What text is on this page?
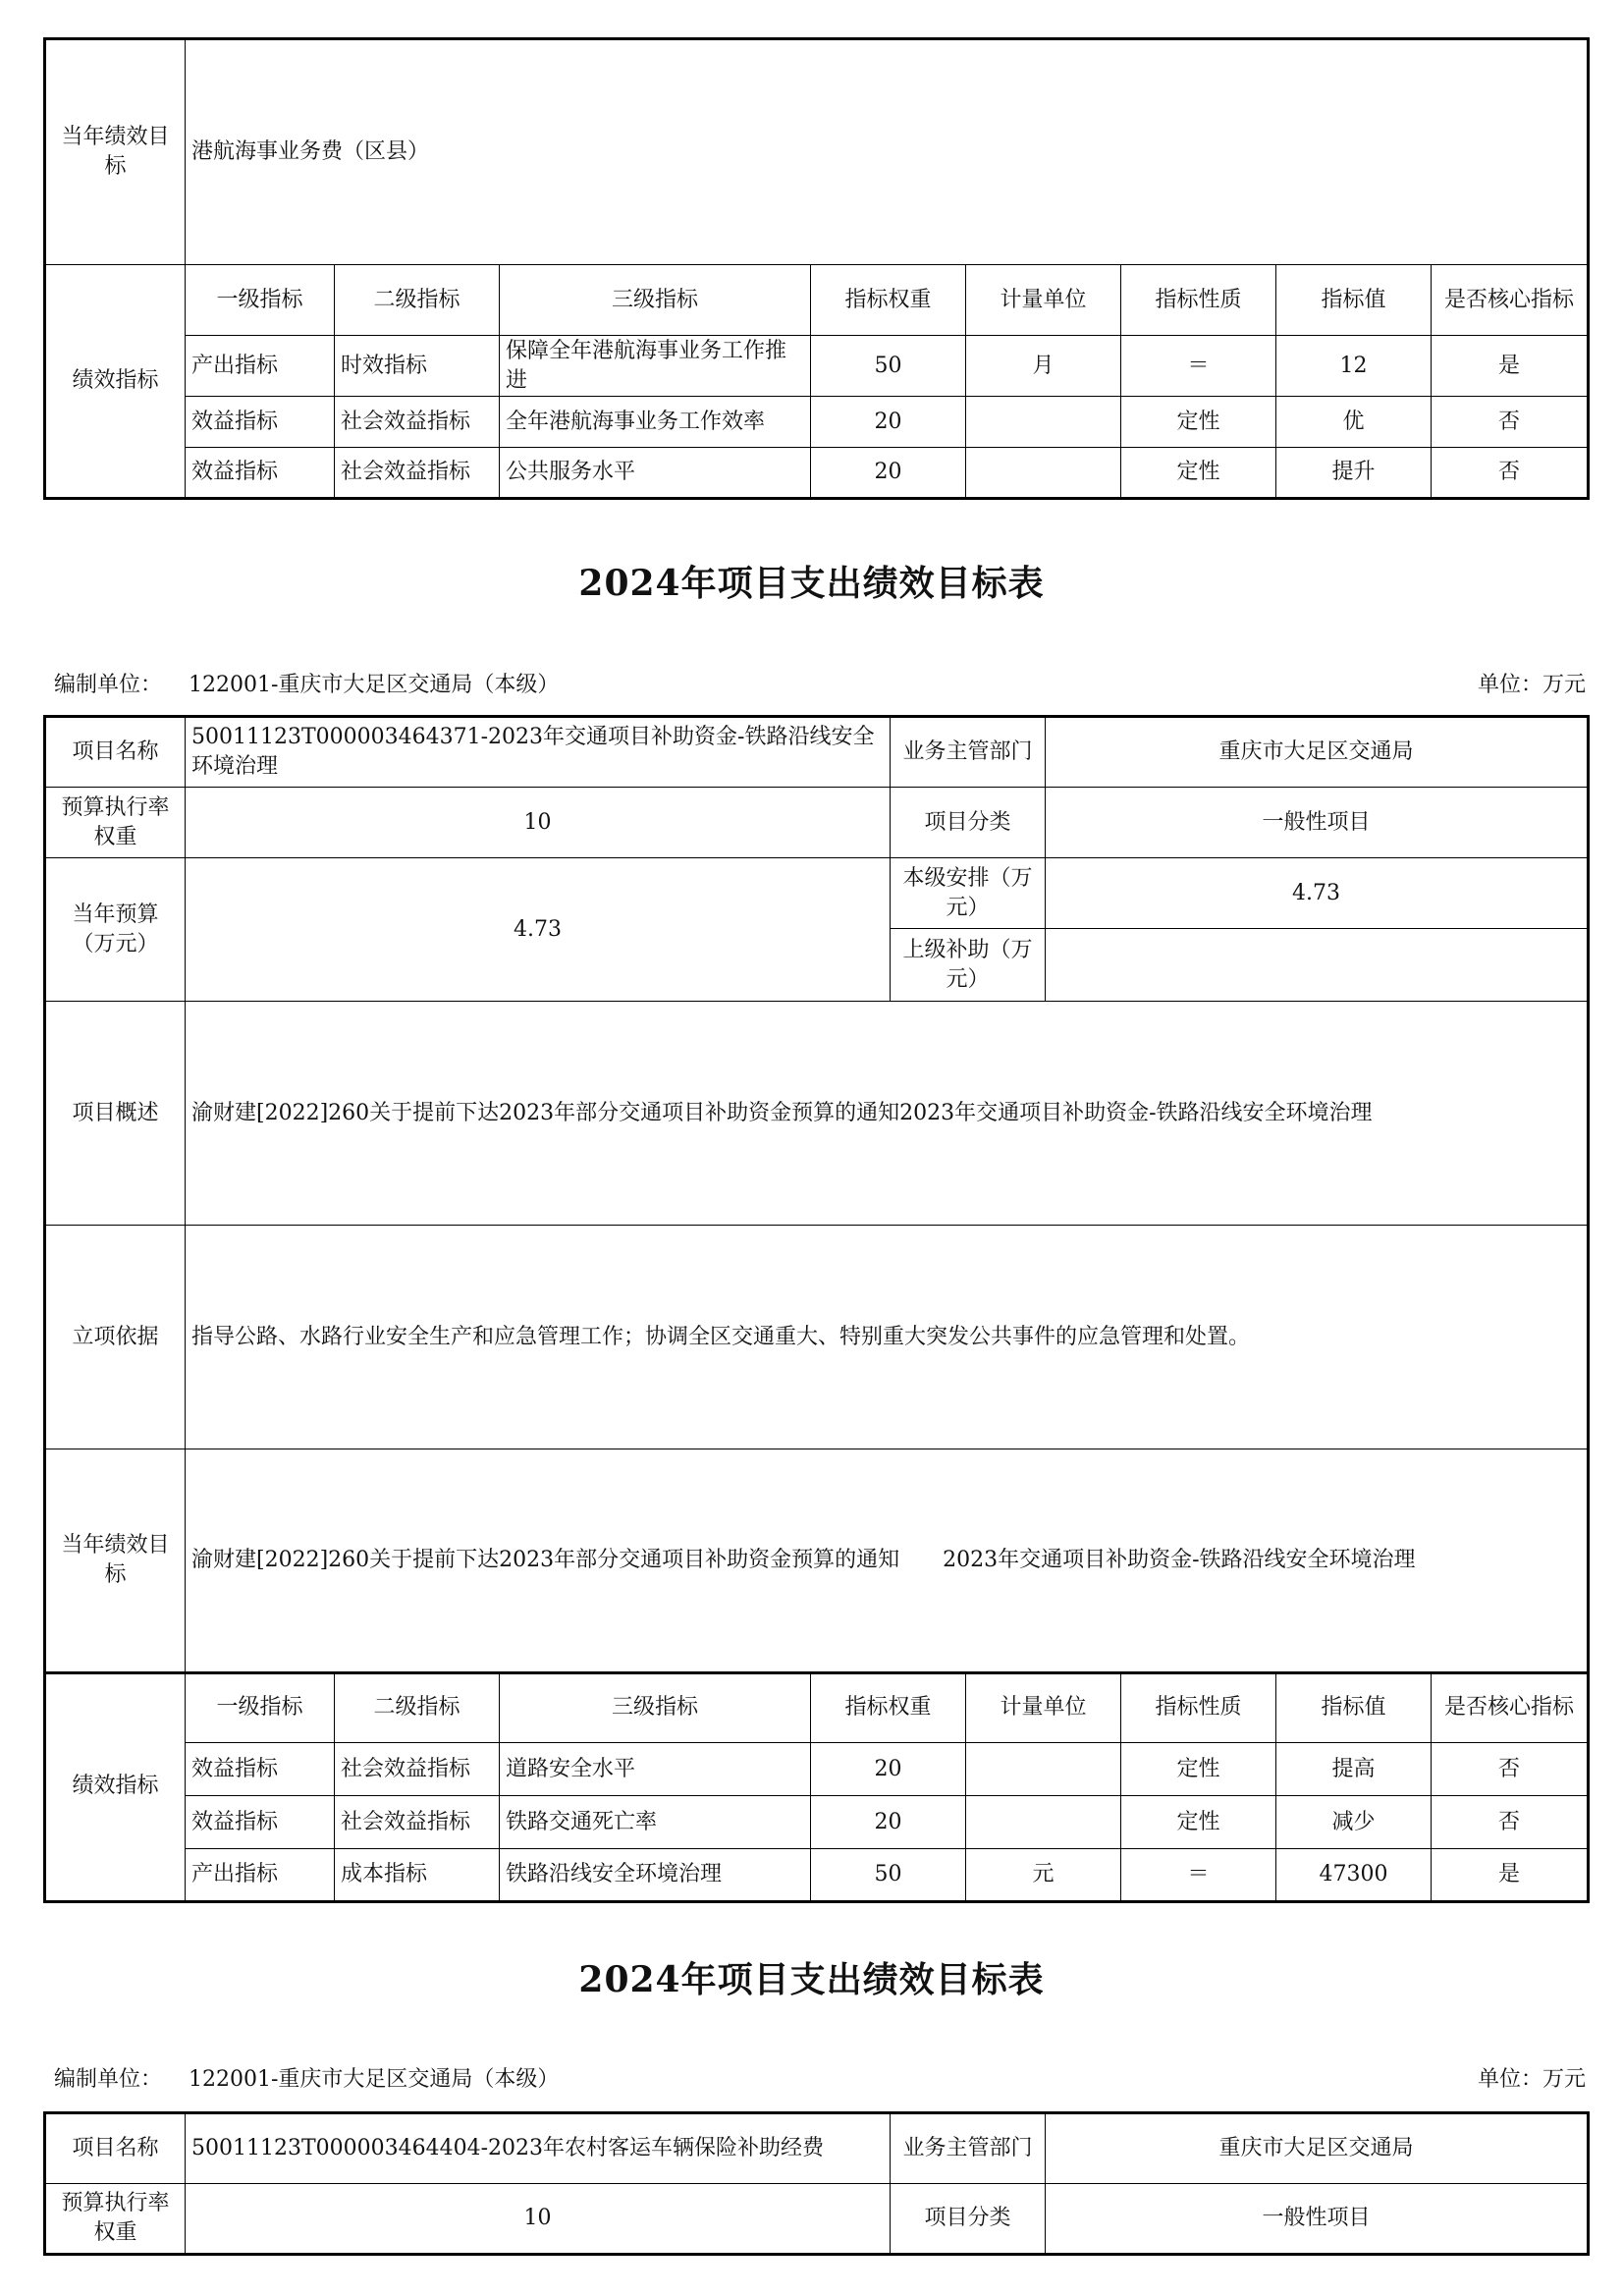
当年绩效目标	港航海事业务费（区县）							
绩效指标	一级指标	二级指标	三级指标	指标权重	计量单位	指标性质	指标值	是否核心指标
	产出指标	时效指标	保障全年港航海事业务工作推进	50	月	＝	12	是
	效益指标	社会效益指标	全年港航海事业务工作效率	20		定性	优	否
	效益指标	社会效益指标	公共服务水平	20		定性	提升	否
2024年项目支出绩效目标表
编制单位： 122001-重庆市大足区交通局（本级）	单位：万元
项目名称	50011123T000003464371-2023年交通项目补助资金-铁路沿线安全环境治理	业务主管部门	重庆市大足区交通局
预算执行率权重	10	项目分类	一般性项目
当年预算（万元）	4.73	本级安排（万元）	4.73
		上级补助（万元）	
项目概述	渝财建[2022]260关于提前下达2023年部分交通项目补助资金预算的通知2023年交通项目补助资金-铁路沿线安全环境治理		
立项依据	指导公路、水路行业安全生产和应急管理工作；协调全区交通重大、特别重大突发公共事件的应急管理和处置。		
当年绩效目标	渝财建[2022]260关于提前下达2023年部分交通项目补助资金预算的通知　　2023年交通项目补助资金-铁路沿线安全环境治理		
绩效指标	一级指标	二级指标	三级指标	指标权重	计量单位	指标性质	指标值	是否核心指标
	效益指标	社会效益指标	道路安全水平	20		定性	提高	否
	效益指标	社会效益指标	铁路交通死亡率	20		定性	减少	否
	产出指标	成本指标	铁路沿线安全环境治理	50	元	＝	47300	是
2024年项目支出绩效目标表
编制单位： 122001-重庆市大足区交通局（本级）	单位：万元
项目名称	50011123T000003464404-2023年农村客运车辆保险补助经费	业务主管部门	重庆市大足区交通局
预算执行率权重	10	项目分类	一般性项目
